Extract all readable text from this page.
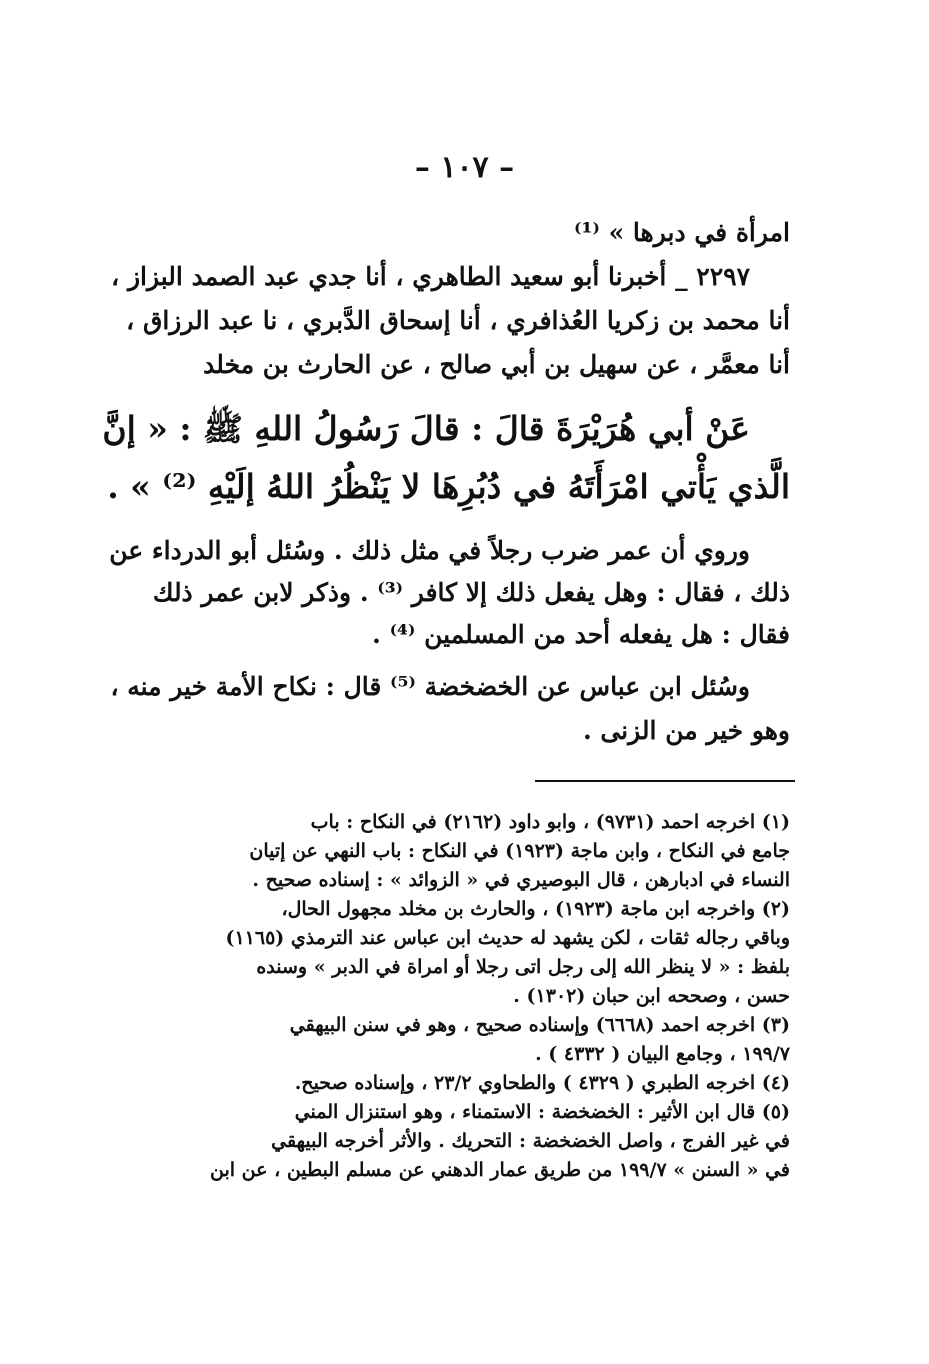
– ١٠٧ –
امرأة في دبرها » ⁽¹⁾
٢٢٩٧ _ أخبرنا أبو سعيد الطاهري ، أنا جدي عبد الصمد البزاز ،
أنا محمد بن زكريا العُذافري ، أنا إسحاق الدَّبري ، نا عبد الرزاق ،
أنا معمَّر ، عن سهيل بن أبي صالح ، عن الحارث بن مخلد
عَنْ أبي هُرَيْرَةَ قالَ : قالَ رَسُولُ اللهِ ﷺ : « إنَّ
الَّذي يَأْتي امْرَأَتَهُ في دُبُرِهَا لا يَنْظُرُ اللهُ إلَيْهِ ⁽²⁾ » .
وروي أن عمر ضرب رجلاً في مثل ذلك . وسُئل أبو الدرداء عن
ذلك ، فقال : وهل يفعل ذلك إلا كافر ⁽³⁾ . وذكر لابن عمر ذلك
فقال : هل يفعله أحد من المسلمين ⁽⁴⁾ .
وسُئل ابن عباس عن الخضخضة ⁽⁵⁾ قال : نكاح الأمة خير منه ،
وهو خير من الزنى .
(١) اخرجه احمد (٩٧٣١) ، وابو داود (٢١٦٢) في النكاح : باب
جامع في النكاح ، وابن ماجة (١٩٢٣) في النكاح : باب النهي عن إتيان
النساء في ادبارهن ، قال البوصيري في « الزوائد » : إسناده صحيح .
(٢) واخرجه ابن ماجة (١٩٢٣) ، والحارث بن مخلد مجهول الحال،
وباقي رجاله ثقات ، لكن يشهد له حديث ابن عباس عند الترمذي (١١٦٥)
بلفظ : « لا ينظر الله إلى رجل اتى رجلا أو امراة في الدبر » وسنده
حسن ، وصححه ابن حبان (١٣٠٢) .
(٣) اخرجه احمد (٦٦٦٨) وإسناده صحيح ، وهو في سنن البيهقي
١٩٩/٧ ، وجامع البيان ( ٤٣٣٢ ) .
(٤) اخرجه الطبري ( ٤٣٢٩ ) والطحاوي ٢٣/٢ ، وإسناده صحيح.
(٥) قال ابن الأثير : الخضخضة : الاستمناء ، وهو استنزال المني
في غير الفرج ، واصل الخضخضة : التحريك . والأثر أخرجه البيهقي
في « السنن » ١٩٩/٧ من طريق عمار الدهني عن مسلم البطين ، عن ابن
